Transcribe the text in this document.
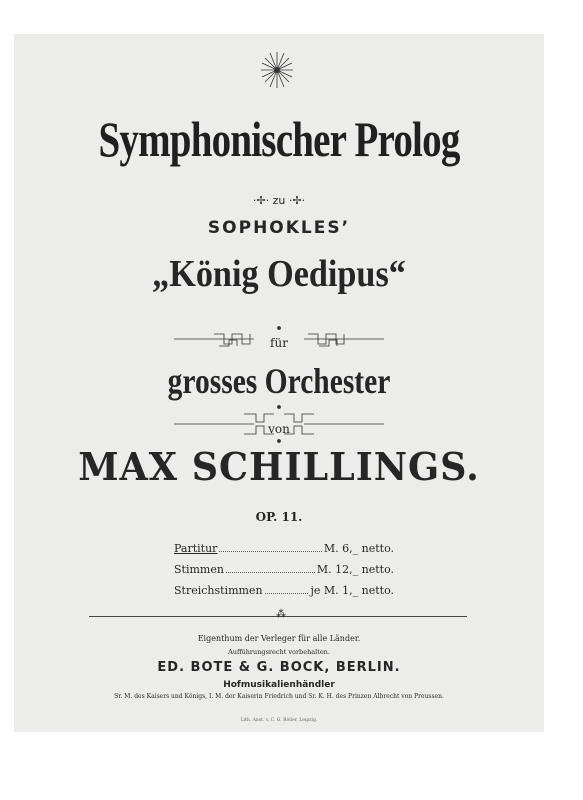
Symphonischer Prolog
·✢· zu ·✢·
SOPHOKLES’
„König Oedipus“
für
grosses Orchester
von
MAX SCHILLINGS.
OP. 11.
Partitur	M. 6,_ netto.
Stimmen	M. 12,_ netto.
Streichstimmen	je M. 1,_ netto.
⁂
Eigenthum der Verleger für alle Länder.
Aufführungsrecht vorbehalten.
ED. BOTE & G. BOCK, BERLIN.
Hofmusikalienhändler
Sr. M. des Kaisers und Königs, I. M. der Kaiserin Friedrich und Sr. K. H. des Prinzen Albrecht von Preussen.
Lith. Anst. v. C. G. Röder, Leipzig.
